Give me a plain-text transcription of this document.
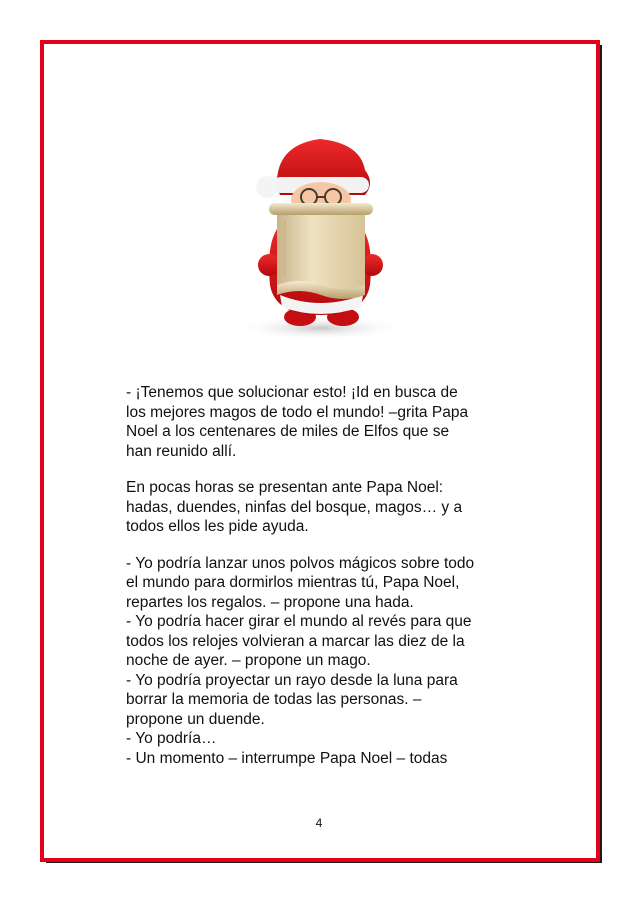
- ¡Tenemos que solucionar esto! ¡Id en busca de
los mejores magos de todo el mundo! –grita Papa
Noel a los centenares de miles de Elfos que se
han reunido allí.

En pocas horas se presentan ante Papa Noel:
hadas, duendes, ninfas del bosque, magos… y a
todos ellos les pide ayuda.

- Yo podría lanzar unos polvos mágicos sobre todo
el mundo para dormirlos mientras tú, Papa Noel,
repartes los regalos. – propone una hada.
- Yo podría hacer girar el mundo al revés para que
todos los relojes volvieran a marcar las diez de la
noche de ayer. – propone un mago.
- Yo podría proyectar un rayo desde la luna para
borrar la memoria de todas las personas. –
propone un duende.
- Yo podría…
- Un momento – interrumpe Papa Noel – todas

4
